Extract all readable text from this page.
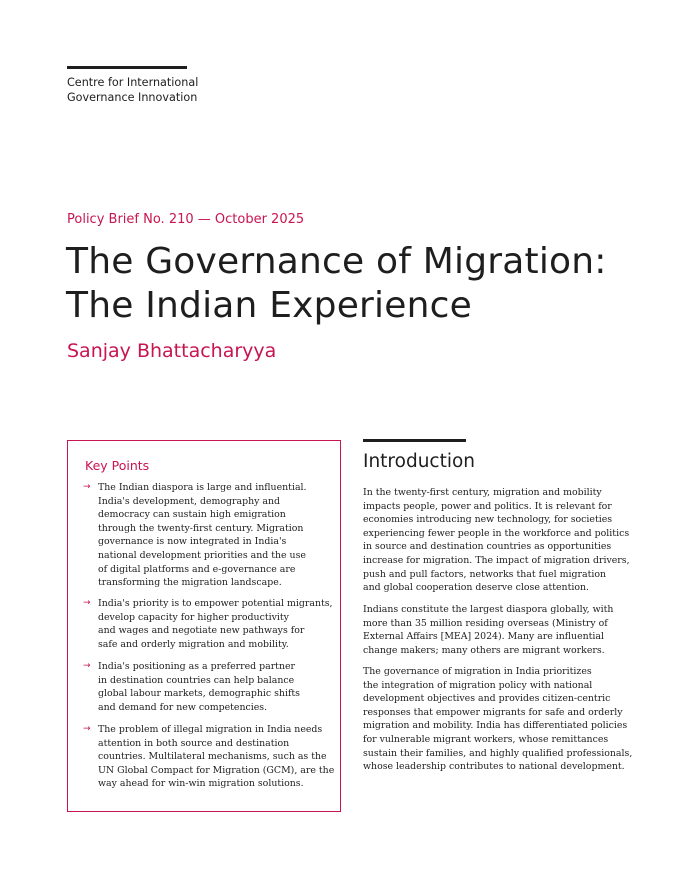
Centre for International
Governance Innovation
Policy Brief No. 210 — October 2025
The Governance of Migration:
The Indian Experience
Sanjay Bhattacharyya
Key Points
→ The Indian diaspora is large and influential.
India's development, demography and
democracy can sustain high emigration
through the twenty-first century. Migration
governance is now integrated in India's
national development priorities and the use
of digital platforms and e-governance are
transforming the migration landscape.
→ India's priority is to empower potential migrants,
develop capacity for higher productivity
and wages and negotiate new pathways for
safe and orderly migration and mobility.
→ India's positioning as a preferred partner
in destination countries can help balance
global labour markets, demographic shifts
and demand for new competencies.
→ The problem of illegal migration in India needs
attention in both source and destination
countries. Multilateral mechanisms, such as the
UN Global Compact for Migration (GCM), are the
way ahead for win-win migration solutions.
Introduction
In the twenty-first century, migration and mobility
impacts people, power and politics. It is relevant for
economies introducing new technology, for societies
experiencing fewer people in the workforce and politics
in source and destination countries as opportunities
increase for migration. The impact of migration drivers,
push and pull factors, networks that fuel migration
and global cooperation deserve close attention.
Indians constitute the largest diaspora globally, with
more than 35 million residing overseas (Ministry of
External Affairs [MEA] 2024). Many are influential
change makers; many others are migrant workers.
The governance of migration in India prioritizes
the integration of migration policy with national
development objectives and provides citizen-centric
responses that empower migrants for safe and orderly
migration and mobility. India has differentiated policies
for vulnerable migrant workers, whose remittances
sustain their families, and highly qualified professionals,
whose leadership contributes to national development.
